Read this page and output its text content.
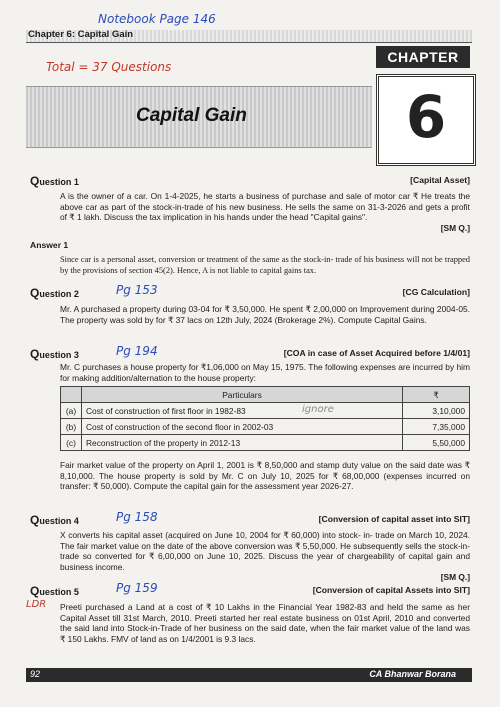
Notebook Page 146
Chapter 6: Capital Gain
Total = 37 Questions
CHAPTER
Capital Gain	6
Question 1	[Capital Asset]
A is the owner of a car. On 1-4-2025, he starts a business of purchase and sale of motor car ₹ He treats the above car as part of the stock-in-trade of his new business. He sells the same on 31-3-2026 and gets a profit of ₹ 1 lakh. Discuss the tax implication in his hands under the head "Capital gains".
[SM Q.]
Answer 1
Since car is a personal asset, conversion or treatment of the same as the stock-in- trade of his business will not be trapped by the provisions of section 45(2). Hence, A is not liable to capital gains tax.
Question 2	[CG Calculation]
Pg 153
Mr. A purchased a property during 03-04 for ₹ 3,50,000. He spent ₹ 2,00,000 on Improvement during 2004-05. The property was sold by for ₹ 37 lacs on 12th July, 2024 (Brokerage 2%). Compute Capital Gains.
Question 3	[COA in case of Asset Acquired before 1/4/01]
Pg 194
Mr. C purchases a house property for ₹1,06,000 on May 15, 1975. The following expenses are incurred by him for making addition/alternation to the house property:
	Particulars	₹
(a)	Cost of construction of first floor in 1982-83 ignore	3,10,000
(b)	Cost of construction of the second floor in 2002-03	7,35,000
(c)	Reconstruction of the property in 2012-13	5,50,000
Fair market value of the property on April 1, 2001 is ₹ 8,50,000 and stamp duty value on the said date was ₹ 8,10,000. The house property is sold by Mr. C on July 10, 2025 for ₹ 68,00,000 (expenses incurred on transfer: ₹ 50,000). Compute the capital gain for the assessment year 2026-27.
Question 4	[Conversion of capital asset into SIT]
Pg 158
X converts his capital asset (acquired on June 10, 2004 for ₹ 60,000) into stock- in- trade on March 10, 2024. The fair market value on the date of the above conversion was ₹ 5,50,000. He subsequently sells the stock-in-trade so converted for ₹ 6,00,000 on June 10, 2025. Discuss the year of chargeability of capital gain and business income.
[SM Q.]
Question 5	[Conversion of capital Assets into SIT]
Pg 159
LDR Preeti purchased a Land at a cost of ₹ 10 Lakhs in the Financial Year 1982-83 and held the same as her Capital Asset till 31st March, 2010. Preeti started her real estate business on 01st April, 2010 and converted the said land into Stock-in-Trade of her business on the said date, when the fair market value of the land was ₹ 150 Lakhs. FMV of land as on 1/4/2001 is 9.3 lacs.
92	CA Bhanwar Borana
